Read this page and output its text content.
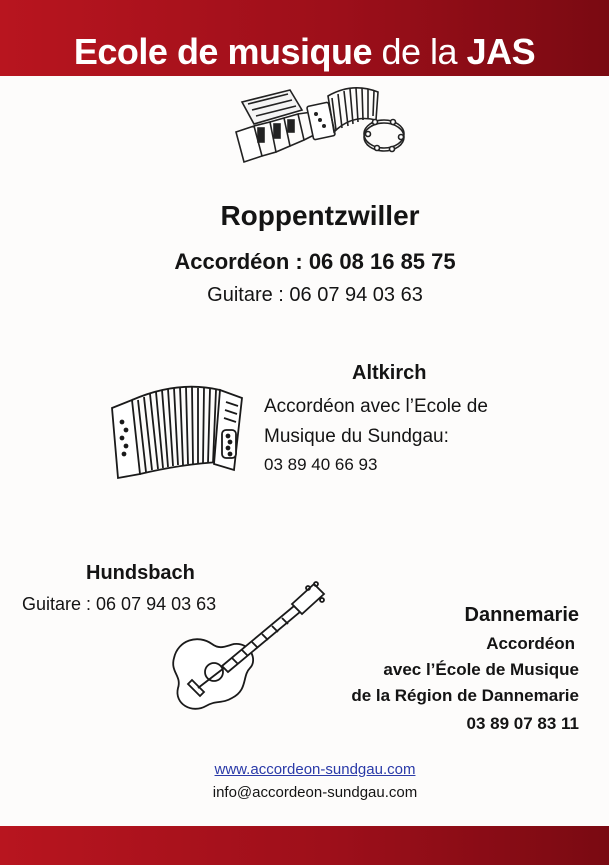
Ecole de musique de la JAS
Roppentzwiller
Accordéon : 06 08 16 85 75
Guitare : 06 07 94 03 63
Altkirch
Accordéon avec l’Ecole de
Musique du Sundgau:
03 89 40 66 93
Hundsbach
Guitare : 06 07 94 03 63	Dannemarie
Accordéon
avec l’École de Musique
de la Région de Dannemarie
03 89 07 83 11
www.accordeon-sundgau.com
info@accordeon-sundgau.com
